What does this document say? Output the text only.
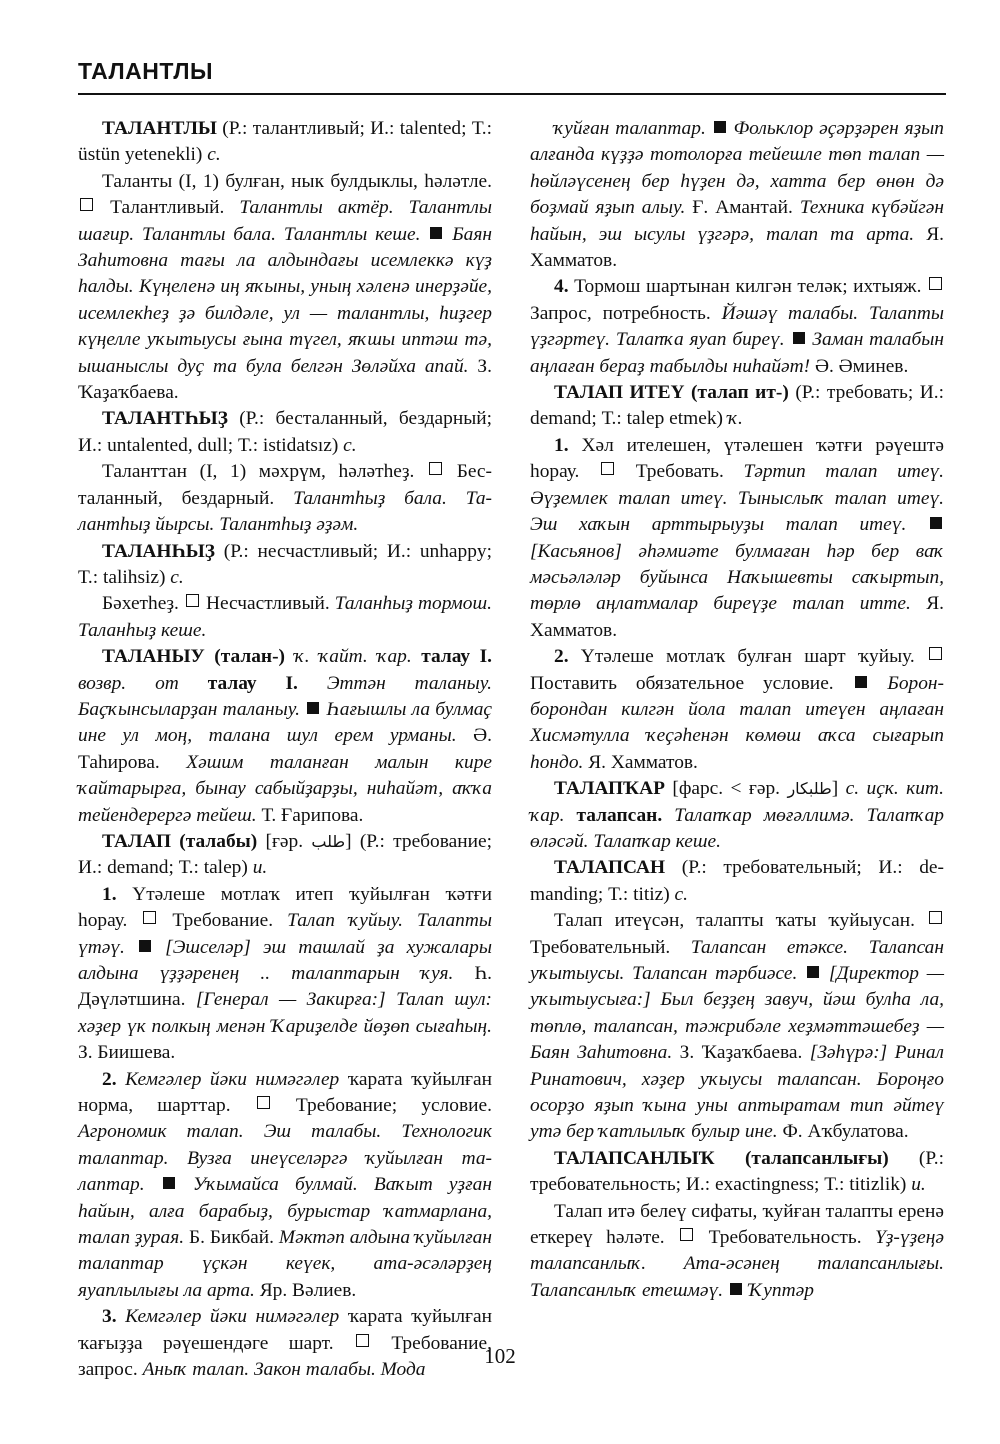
ТАЛАНТЛЫ

ТАЛАНТЛЫ (Р.: талантливый; И.: talented; Т.: üstün yetenekli) с.

Таланты (I, 1) булған, нык булдыклы, һәләтле.  Талантливый. Талантлы актёр. Талантлы шағир. Талантлы бала. Талантлы кеше.  Баян Заһитовна тағы ла алдындағы исемлеккә күҙ һалды. Күңеленә иң яҡыны, уның хәленә инерҙәйе, исемлекһеҙ ҙә билдәле, ул — талантлы, һиҙгер күңелле уҡытыусы ғына түгел, яҡшы иптәш тә, ышаныслы дуҫ та була белгән Зөләйха апай. З. Ҡаҙаҡбаева.

ТАЛАНТҺЫҘ (Р.: бесталанный, бездарный; И.: untalented, dull; Т.: istidatsız) с.

Таланттан (I, 1) мәхрүм, һәләтһеҙ.  Бесталанный, бездарный. Талантһыҙ бала. Талантһыҙ йырсы. Талантһыҙ әҙәм.

ТАЛАНҺЫҘ (Р.: несчастливый; И.: unhappy; Т.: talihsiz) с.

Бәхетһеҙ.  Несчастливый. Таланһыҙ тормош. Таланһыҙ кеше.

ТАЛАНЫУ (талан-) ҡ. ҡайт. ҡар. талау I. возвр. от талау I. Эттән таланыу. Баҫҡынсыларҙан таланыу.  Һағышлы ла булмаҫ ине ул моң, талана шул ерем урманы. Ә. Таһирова. Хәшим таланған малын кире ҡайтарырға, бынау сабыйҙарҙы, ниһайәт, аҡҡа тейендерергә тейеш. Т. Ғарипова.

ТАЛАП (талабы) [ғәр. طلب] (Р.: требование; И.: demand; Т.: talep) и.

1. Үтәлеше мотлаҡ итеп ҡуйылған ҡәтғи һорау.  Требование. Талап ҡуйыу. Талапты үтәү.  [Эшселәр] эш ташлай ҙа хужалары алдына үҙҙәренең .. талаптарын ҡуя. Һ. Дәүләтшина. [Генерал — Закирға:] Талап шул: хәҙер үк полкың менән Ҡариҙелде йөҙөп сығаһың. З. Биишева.

2. Кемгәлер йәки нимәгәлер ҡарата ҡуйылған норма, шарттар.  Требование; условие. Агрономик талап. Эш талабы. Технологик талаптар. Вузға инеүселәргә ҡуйылған талаптар.  Уҡымайса булмай. Ваҡыт уҙған һайын, алға барабыҙ, бурыстар ҡатмарлана, талап ҙурая. Б. Бикбай. Мәктәп алдына ҡуйылған талаптар үҫкән кеүек, ата-әсәләрҙең яуаплылығы ла арта. Яр. Вәлиев.

3. Кемгәлер йәки нимәгәлер ҡарата ҡуйылған ҡағыҙҙа рәүешендәге шарт.  Требование, запрос. Аныҡ талап. Закон талабы. Мода

ҡуйған талаптар.  Фольклор әҫәрҙәрен яҙып алғанда күҙҙә тотолорға тейешле төп талап — һөйләүсенең бер һүҙен дә, хатта бер өнөн дә боҙмай яҙып алыу. Ғ. Амантай. Техника күбәйгән һайын, эш ысулы үҙгәрә, талап та арта. Я. Хамматов.

4. Тормош шартынан килгән теләк; ихтыяж.  Запрос, потребность. Йәшәү талабы. Талапты үҙгәртеү. Талапҡа яуап биреү.  Заман талабын аңлаған бераҙ табылды ниһайәт! Ә. Әминев.

ТАЛАП ИТЕҮ (талап ит-) (Р.: требовать; И.: demand; Т.: talep etmek) ҡ.

1. Хәл ителешен, үтәлешен ҡәтғи рәүештә һорау.  Требовать. Тәртип талап итеү. Әүҙемлек талап итеү. Тыныслыҡ талап итеү. Эш хаҡын арттырыуҙы талап итеү.  [Касьянов] әһәмиәте булмаған һәр бер ваҡ мәсьәләләр буйынса Наҡышевты саҡыртып, төрлө аңлатмалар биреүҙе талап итте. Я. Хамматов.

2. Үтәлеше мотлаҡ булған шарт ҡуйыу.  Поставить обязательное условие.  Борон-борондан килгән йола талап итеүен аңлаған Хисмәтулла ҡеҫәһенән көмөш аҡса сығарып һондо. Я. Хамматов.

ТАЛАПҠАР [фарс. < ғәр. طلبكار] с. иҫк. кит. ҡар. талапсан. Талапҡар мөғәллимә. Талапҡар өләсәй. Талапҡар кеше.

ТАЛАПСАН (Р.: требовательный; И.: demanding; Т.: titiz) с.

Талап итеүсән, талапты ҡаты ҡуйыусан.  Требовательный. Талапсан етәксе. Талапсан уҡытыусы. Талапсан тәрбиәсе.  [Директор — уҡытыусыға:] Был беҙҙең завуч, йәш булһа ла, төплө, талапсан, тәжрибәле хеҙмәттәшебеҙ — Баян Заһитовна. З. Ҡаҙаҡбаева. [Зәһүрә:] Ринал Ринатович, хәҙер уҡыусы талапсан. Бороңғо осорҙо яҙып ҡына уны аптыратам тип әйтеү утә бер ҡатлылыҡ булыр ине. Ф. Аҡбулатова.

ТАЛАПСАНЛЫҠ (талапсанлығы) (Р.: требовательность; И.: exactingness; Т.: titizlik) и.

Талап итә белеү сифаты, ҡуйған талапты еренә еткереү һәләте.  Требовательность. Үҙ-үҙеңә талапсанлыҡ. Ата-әсәнең талапсанлығы. Талапсанлыҡ етешмәү.  Ҡуптәр

102
